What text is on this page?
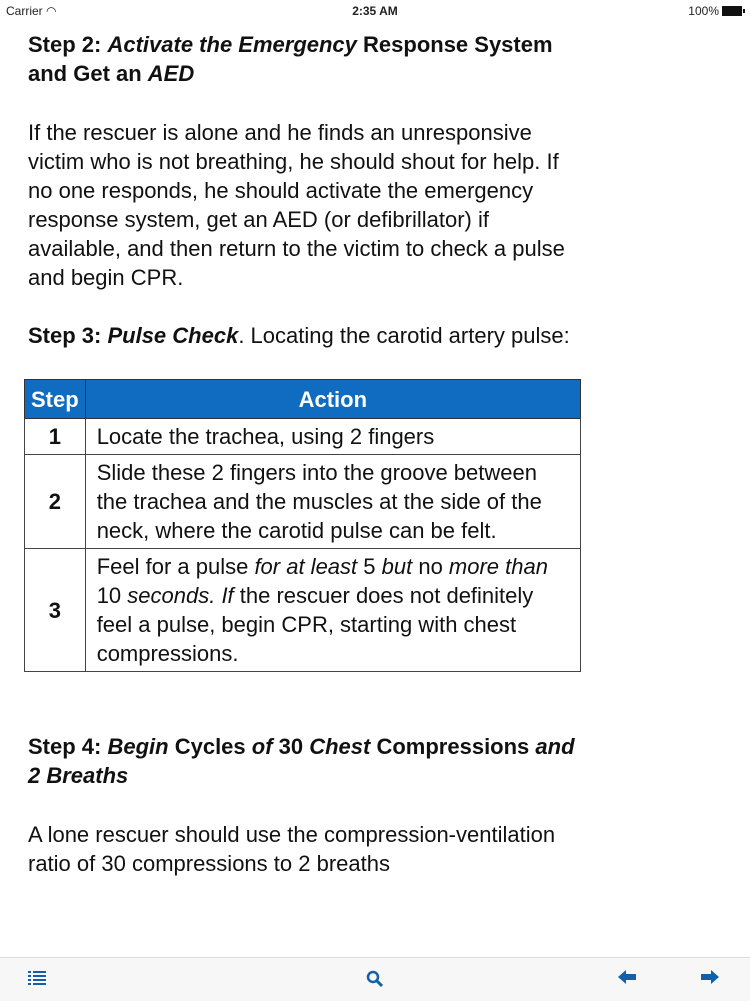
Carrier ◠	2:35 AM	100%
Step 2: Activate the Emergency Response System and Get an AED

If the rescuer is alone and he finds an unresponsive victim who is not breathing, he should shout for help. If no one responds, he should activate the emergency response system, get an AED (or defibrillator) if available, and then return to the victim to check a pulse and begin CPR.

Step 3: Pulse Check. Locating the carotid artery pulse:

Step	Action
1	Locate the trachea, using 2 fingers
2	Slide these 2 fingers into the groove between the trachea and the muscles at the side of the neck, where the carotid pulse can be felt.
3	Feel for a pulse for at least 5 but no more than 10 seconds. If the rescuer does not definitely feel a pulse, begin CPR, starting with chest compressions.
Step 4: Begin Cycles of 30 Chest Compressions and 2 Breaths

A lone rescuer should use the compression-ventilation ratio of 30 compressions to 2 breaths
